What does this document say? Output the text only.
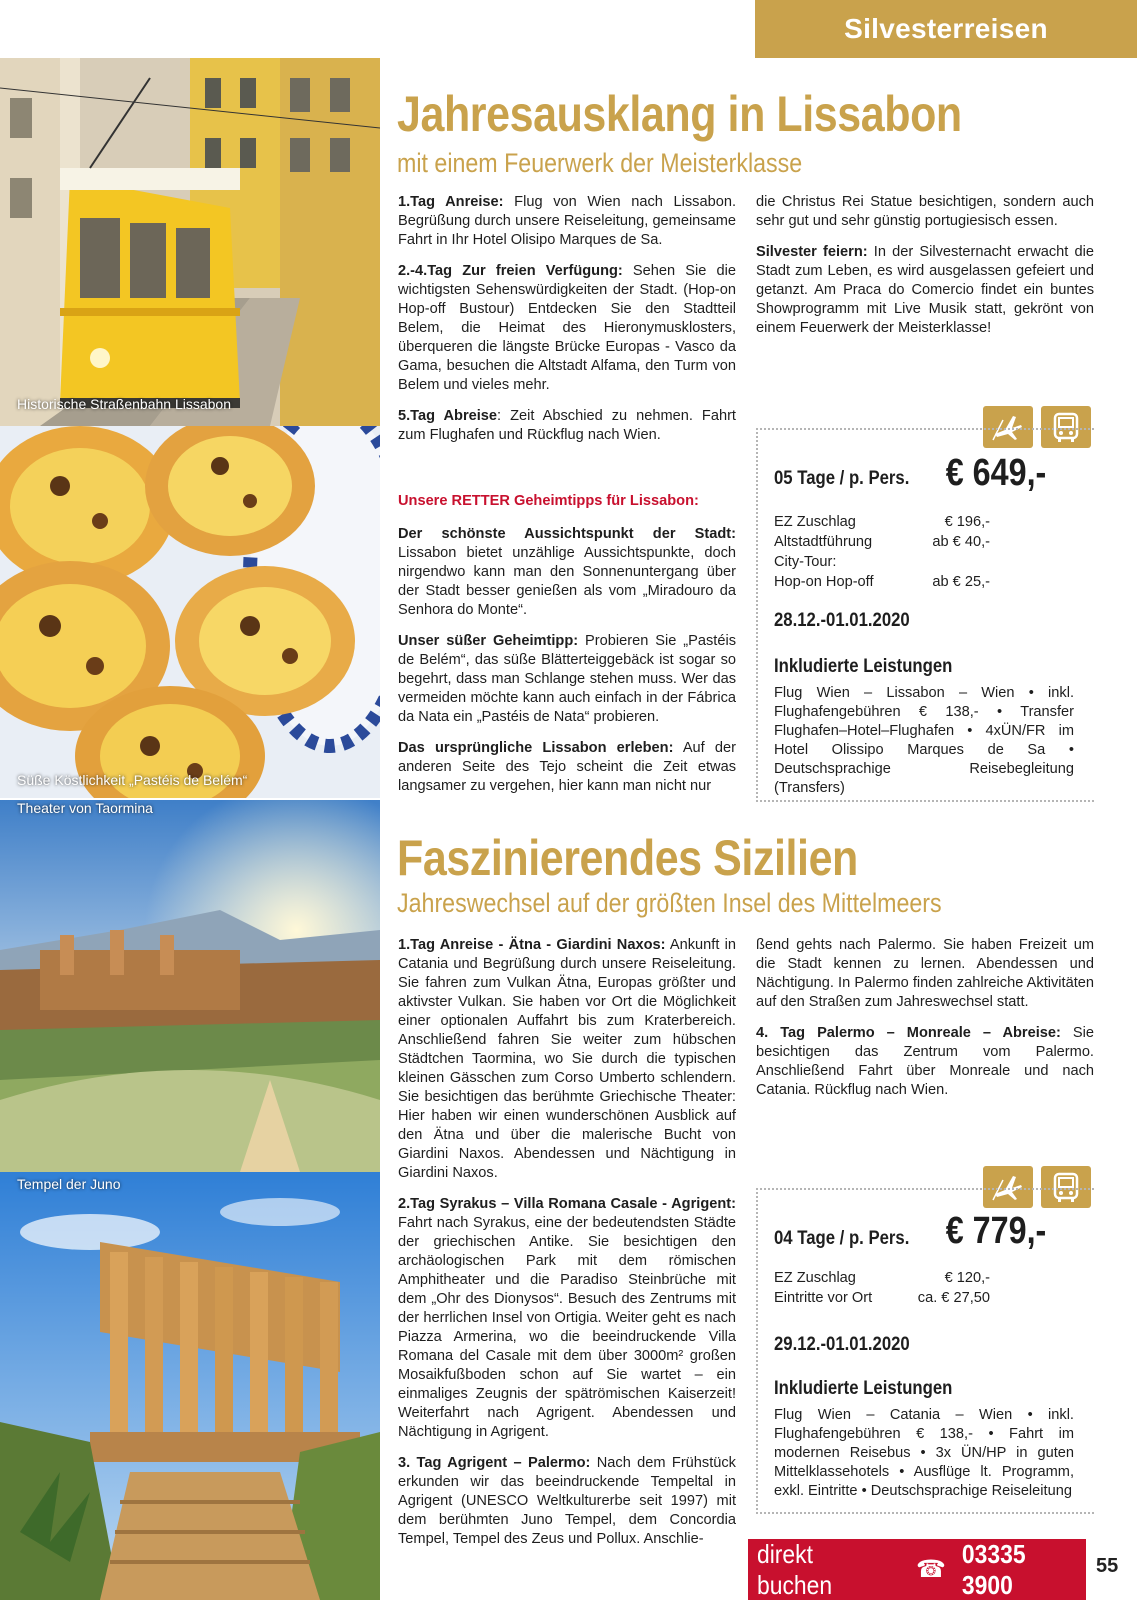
Silvesterreisen
Historische Straßenbahn Lissabon
Süße Köstlichkeit „Pastéis de Belém“
Theater von Taormina
Tempel der Juno
Jahresausklang in Lissabon
mit einem Feuerwerk der Meisterklasse

1.Tag Anreise: Flug von Wien nach Lissabon. Begrüßung durch unsere Reiseleitung, gemeinsame Fahrt in Ihr Hotel Olisipo Marques de Sa.

2.-4.Tag Zur freien Verfügung: Sehen Sie die wichtigsten Sehenswürdigkeiten der Stadt. (Hop-on Hop-off Bustour) Entdecken Sie den Stadtteil Belem, die Heimat des Hieronymusklosters, überqueren die längste Brücke Europas - Vasco da Gama, besuchen die Altstadt Alfama, den Turm von Belem und vieles mehr.

5.Tag Abreise: Zeit Abschied zu nehmen. Fahrt zum Flughafen und Rückflug nach Wien.

Unsere RETTER Geheimtipps für Lissabon:

Der schönste Aussichtspunkt der Stadt: Lissabon bietet unzählige Aussichtspunkte, doch nirgendwo kann man den Sonnenuntergang über der Stadt besser genießen als vom „Miradouro da Senhora do Monte“.

Unser süßer Geheimtipp: Probieren Sie „Pastéis de Belém“, das süße Blätterteiggebäck ist sogar so begehrt, dass man Schlange stehen muss. Wer das vermeiden möchte kann auch einfach in der Fábrica da Nata ein „Pastéis de Nata“ probieren.

Das ursprüngliche Lissabon erleben: Auf der anderen Seite des Tejo scheint die Zeit etwas langsamer zu vergehen, hier kann man nicht nur

die Christus Rei Statue besichtigen, sondern auch sehr gut und sehr günstig portugiesisch essen.

Silvester feiern: In der Silvesternacht erwacht die Stadt zum Leben, es wird ausgelassen gefeiert und getanzt. Am Praca do Comercio findet ein buntes Showprogramm mit Live Musik statt, gekrönt von einem Feuerwerk der Meisterklasse!

05 Tage / p. Pers. € 649,-
EZ Zuschlag	€ 196,-
Altstadtführung	ab € 40,-
City-Tour:
Hop-on Hop-off	ab € 25,-
28.12.-01.01.2020
Inkludierte Leistungen
Flug Wien – Lissabon – Wien • inkl. Flughafengebühren € 138,- • Transfer Flughafen–Hotel–Flughafen • 4xÜN/FR im Hotel Olissipo Marques de Sa • Deutschsprachige Reisebegleitung (Transfers)
Faszinierendes Sizilien
Jahreswechsel auf der größten Insel des Mittelmeers

1.Tag Anreise - Ätna - Giardini Naxos: Ankunft in Catania und Begrüßung durch unsere Reiseleitung. Sie fahren zum Vulkan Ätna, Europas größter und aktivster Vulkan. Sie haben vor Ort die Möglichkeit einer optionalen Auffahrt bis zum Kraterbereich. Anschließend fahren Sie weiter zum hübschen Städtchen Taormina, wo Sie durch die typischen kleinen Gässchen zum Corso Umberto schlendern. Sie besichtigen das berühmte Griechische Theater: Hier haben wir einen wunderschönen Ausblick auf den Ätna und über die malerische Bucht von Giardini Naxos. Abendessen und Nächtigung in Giardini Naxos.

2.Tag Syrakus – Villa Romana Casale - Agrigent: Fahrt nach Syrakus, eine der bedeutendsten Städte der griechischen Antike. Sie besichtigen den archäologischen Park mit dem römischen Amphitheater und die Paradiso Steinbrüche mit dem „Ohr des Dionysos“. Besuch des Zentrums mit der herrlichen Insel von Ortigia. Weiter geht es nach Piazza Armerina, wo die beeindruckende Villa Romana del Casale mit dem über 3000m² großen Mosaikfußboden schon auf Sie wartet – ein einmaliges Zeugnis der spätrömischen Kaiserzeit! Weiterfahrt nach Agrigent. Abendessen und Nächtigung in Agrigent.

3. Tag Agrigent – Palermo: Nach dem Frühstück erkunden wir das beeindruckende Tempeltal in Agrigent (UNESCO Weltkulturerbe seit 1997) mit dem berühmten Juno Tempel, dem Concordia Tempel, Tempel des Zeus und Pollux. Anschlie-

ßend gehts nach Palermo. Sie haben Freizeit um die Stadt kennen zu lernen. Abendessen und Nächtigung. In Palermo finden zahlreiche Aktivitäten auf den Straßen zum Jahreswechsel statt.

4. Tag Palermo – Monreale – Abreise: Sie besichtigen das Zentrum vom Palermo. Anschließend Fahrt über Monreale und nach Catania. Rückflug nach Wien.

04 Tage / p. Pers. € 779,-
EZ Zuschlag	€ 120,-
Eintritte vor Ort	ca. € 27,50
29.12.-01.01.2020
Inkludierte Leistungen
Flug Wien – Catania – Wien • inkl. Flughafengebühren € 138,- • Fahrt im modernen Reisebus • 3x ÜN/HP in guten Mittelklassehotels • Ausflüge lt. Programm, exkl. Eintritte • Deutschsprachige Reiseleitung
direkt buchen	☎
03335 3900
55
